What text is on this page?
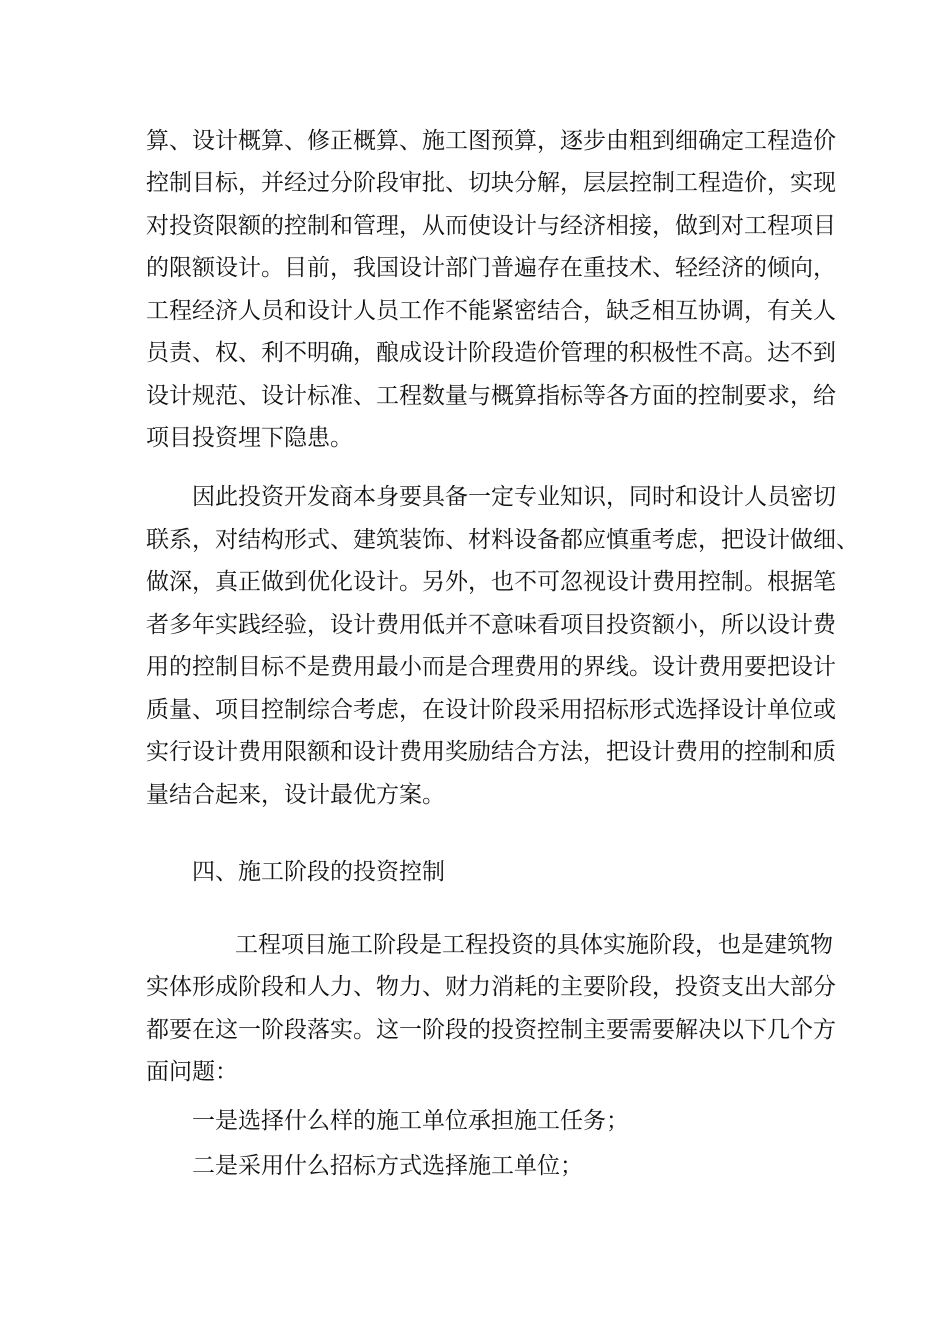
算、设计概算、修正概算、施工图预算，逐步由粗到细确定工程造价
控制目标，并经过分阶段审批、切块分解，层层控制工程造价，实现
对投资限额的控制和管理，从而使设计与经济相接，做到对工程项目
的限额设计。目前，我国设计部门普遍存在重技术、轻经济的倾向，
工程经济人员和设计人员工作不能紧密结合，缺乏相互协调，有关人
员责、权、利不明确，酿成设计阶段造价管理的积极性不高。达不到
设计规范、设计标准、工程数量与概算指标等各方面的控制要求，给
项目投资埋下隐患。
因此投资开发商本身要具备一定专业知识，同时和设计人员密切
联系，对结构形式、建筑装饰、材料设备都应慎重考虑，把设计做细、
做深，真正做到优化设计。另外，也不可忽视设计费用控制。根据笔
者多年实践经验，设计费用低并不意味看项目投资额小，所以设计费
用的控制目标不是费用最小而是合理费用的界线。设计费用要把设计
质量、项目控制综合考虑，在设计阶段采用招标形式选择设计单位或
实行设计费用限额和设计费用奖励结合方法，把设计费用的控制和质
量结合起来，设计最优方案。
四、施工阶段的投资控制
工程项目施工阶段是工程投资的具体实施阶段，也是建筑物
实体形成阶段和人力、物力、财力消耗的主要阶段，投资支出大部分
都要在这一阶段落实。这一阶段的投资控制主要需要解决以下几个方
面问题：
一是选择什么样的施工单位承担施工任务；
二是采用什么招标方式选择施工单位；
